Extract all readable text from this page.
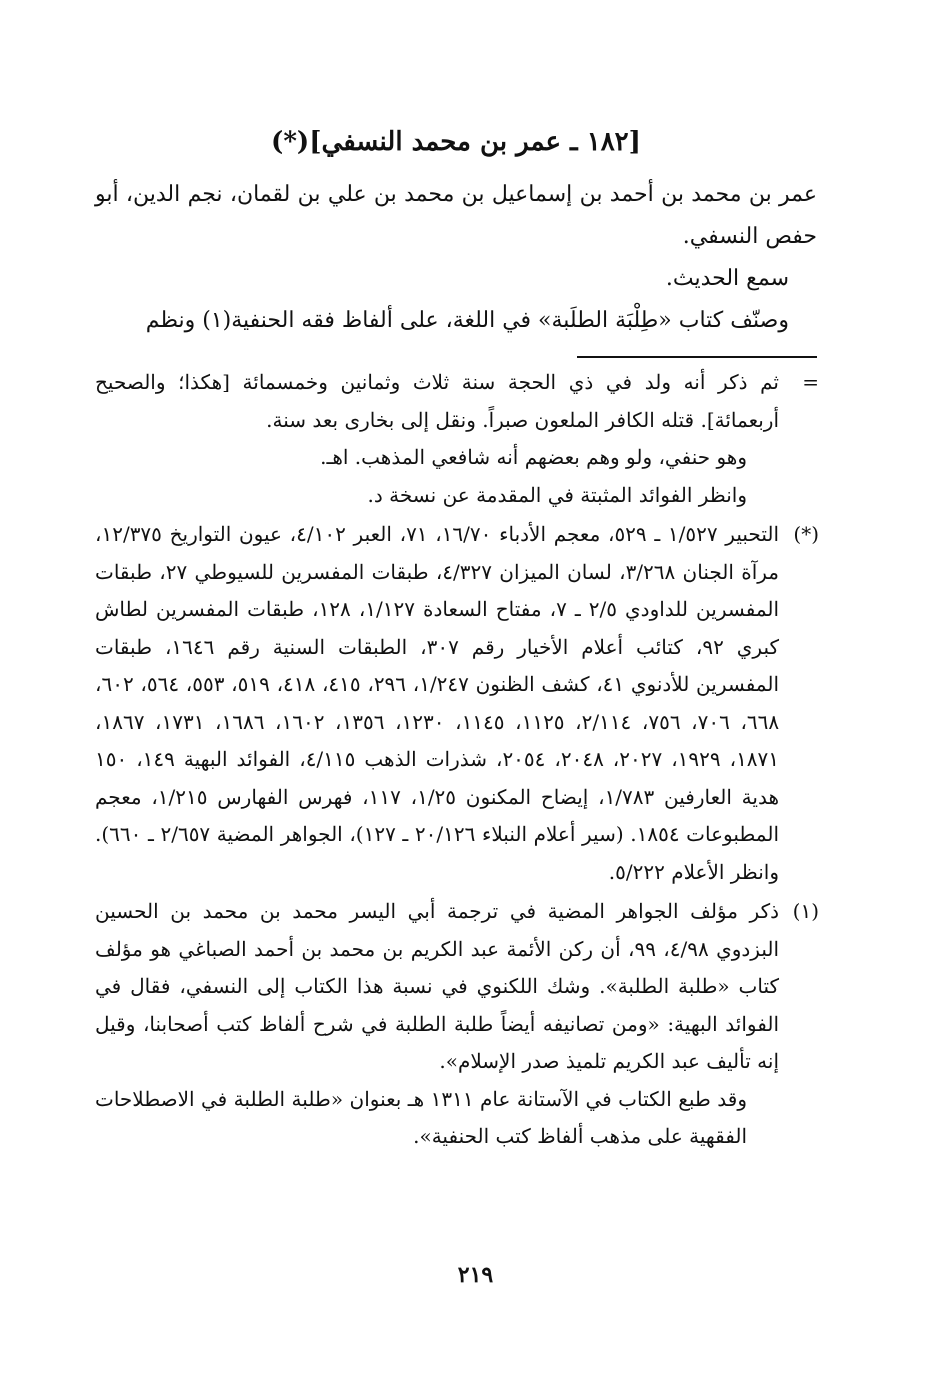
[١٨٢ ـ عمر بن محمد النسفي](*)

عمر بن محمد بن أحمد بن إسماعيل بن محمد بن علي بن لقمان، نجم الدين، أبو حفص النسفي.

سمع الحديث.

وصنّف كتاب «طِلْبَة الطلَبة» في اللغة، على ألفاظ فقه الحنفية(١) ونظم

=
ثم ذكر أنه ولد في ذي الحجة سنة ثلاث وثمانين وخمسمائة [هكذا؛ والصحيح أربعمائة]. قتله الكافر الملعون صبراً. ونقل إلى بخارى بعد سنة.

وهو حنفي، ولو وهم بعضهم أنه شافعي المذهب. اهـ.

وانظر الفوائد المثبتة في المقدمة عن نسخة د.

(*)
التحبير ١/٥٢٧ ـ ٥٢٩، معجم الأدباء ١٦/٧٠، ٧١، العبر ٤/١٠٢، عيون التواريخ ١٢/٣٧٥، مرآة الجنان ٣/٢٦٨، لسان الميزان ٤/٣٢٧، طبقات المفسرين للسيوطي ٢٧، طبقات المفسرين للداودي ٢/٥ ـ ٧، مفتاح السعادة ١/١٢٧، ١٢٨، طبقات المفسرين لطاش كبري ٩٢، كتائب أعلام الأخيار رقم ٣٠٧، الطبقات السنية رقم ١٦٤٦، طبقات المفسرين للأدنوي ٤١، كشف الظنون ١/٢٤٧، ٢٩٦، ٤١٥، ٤١٨، ٥١٩، ٥٥٣، ٥٦٤، ٦٠٢، ٦٦٨، ٧٠٦، ٧٥٦، ٢/١١٤، ١١٢٥، ١١٤٥، ١٢٣٠، ١٣٥٦، ١٦٠٢، ١٦٨٦، ١٧٣١، ١٨٦٧، ١٨٧١، ١٩٢٩، ٢٠٢٧، ٢٠٤٨، ٢٠٥٤، شذرات الذهب ٤/١١٥، الفوائد البهية ١٤٩، ١٥٠ هدية العارفين ١/٧٨٣، إيضاح المكنون ١/٢٥، ١١٧، فهرس الفهارس ١/٢١٥، معجم المطبوعات ١٨٥٤. (سير أعلام النبلاء ٢٠/١٢٦ ـ ١٢٧)، الجواهر المضية ٢/٦٥٧ ـ ٦٦٠). وانظر الأعلام ٥/٢٢٢.

(١)
ذكر مؤلف الجواهر المضية في ترجمة أبي اليسر محمد بن محمد بن الحسين البزدوي ٤/٩٨، ٩٩، أن ركن الأئمة عبد الكريم بن محمد بن أحمد الصباغي هو مؤلف كتاب «طلبة الطلبة». وشك اللكنوي في نسبة هذا الكتاب إلى النسفي، فقال في الفوائد البهية: «ومن تصانيفه أيضاً طلبة الطلبة في شرح ألفاظ كتب أصحابنا، وقيل إنه تأليف عبد الكريم تلميذ صدر الإسلام».

وقد طبع الكتاب في الآستانة عام ١٣١١ هـ بعنوان «طلبة الطلبة في الاصطلاحات الفقهية على مذهب ألفاظ كتب الحنفية».

٢١٩
